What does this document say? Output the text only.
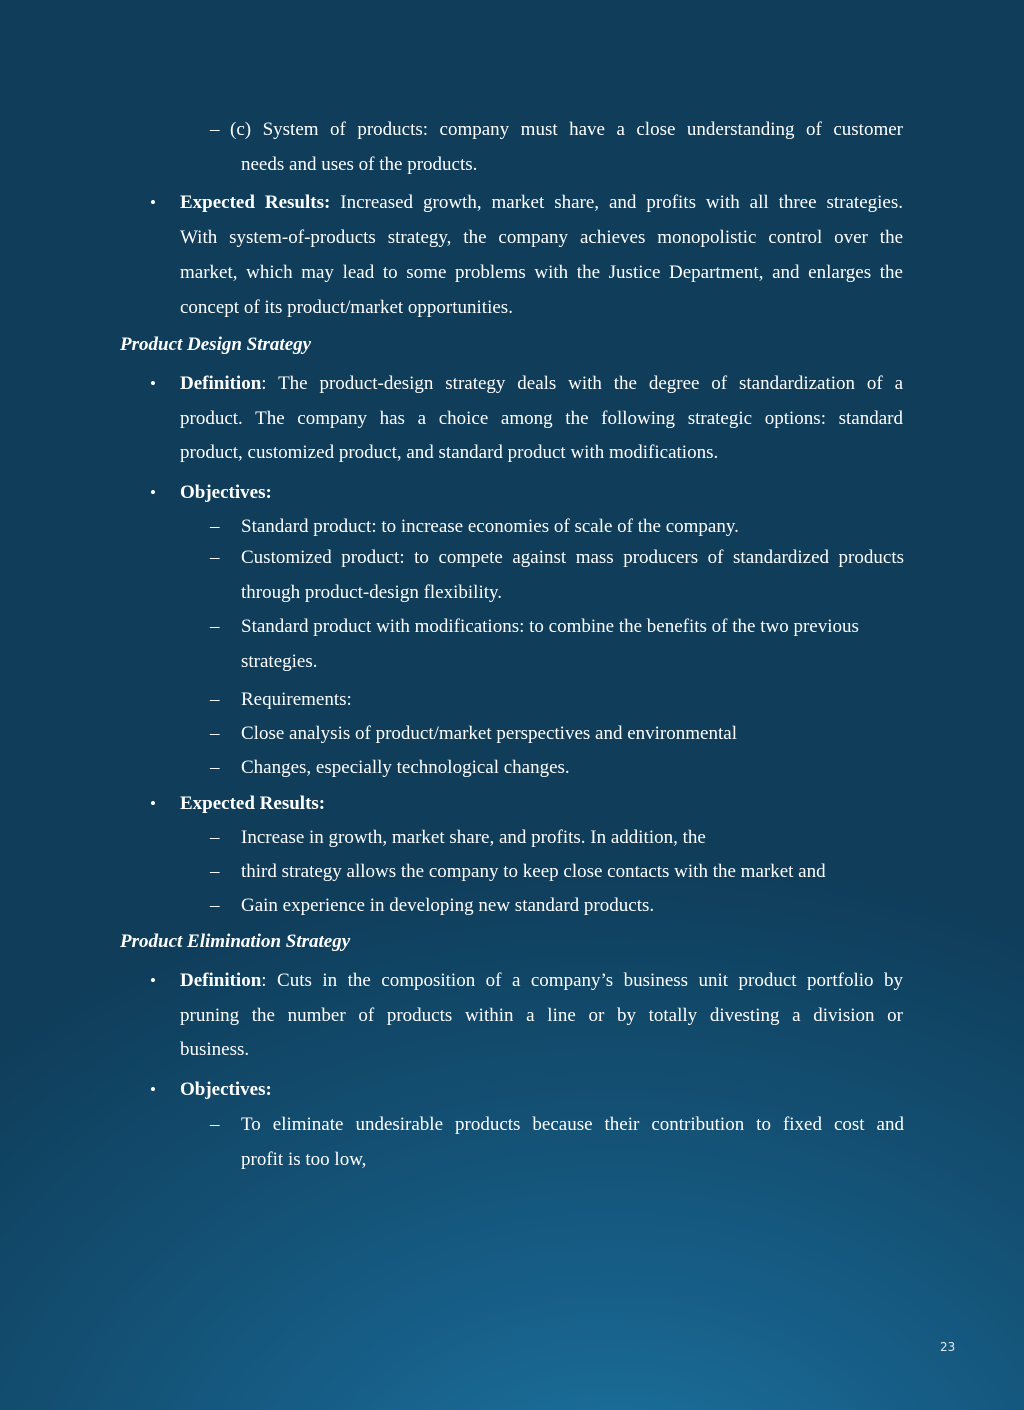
– (c) System of products: company must have a close understanding of customer
needs and uses of the products.
• Expected Results: Increased growth, market share, and profits with all three strategies.
With system-of-products strategy, the company achieves monopolistic control over the
market, which may lead to some problems with the Justice Department, and enlarges the
concept of its product/market opportunities.
Product Design Strategy
• Definition: The product-design strategy deals with the degree of standardization of a
product. The company has a choice among the following strategic options: standard
product, customized product, and standard product with modifications.
• Objectives:
– Standard product: to increase economies of scale of the company.
– Customized product: to compete against mass producers of standardized products
through product-design flexibility.
– Standard product with modifications: to combine the benefits of the two previous
strategies.
– Requirements:
– Close analysis of product/market perspectives and environmental
– Changes, especially technological changes.
• Expected Results:
– Increase in growth, market share, and profits. In addition, the
– third strategy allows the company to keep close contacts with the market and
– Gain experience in developing new standard products.
Product Elimination Strategy
• Definition: Cuts in the composition of a company’s business unit product portfolio by
pruning the number of products within a line or by totally divesting a division or
business.
• Objectives:
– To eliminate undesirable products because their contribution to fixed cost and
profit is too low,
23
